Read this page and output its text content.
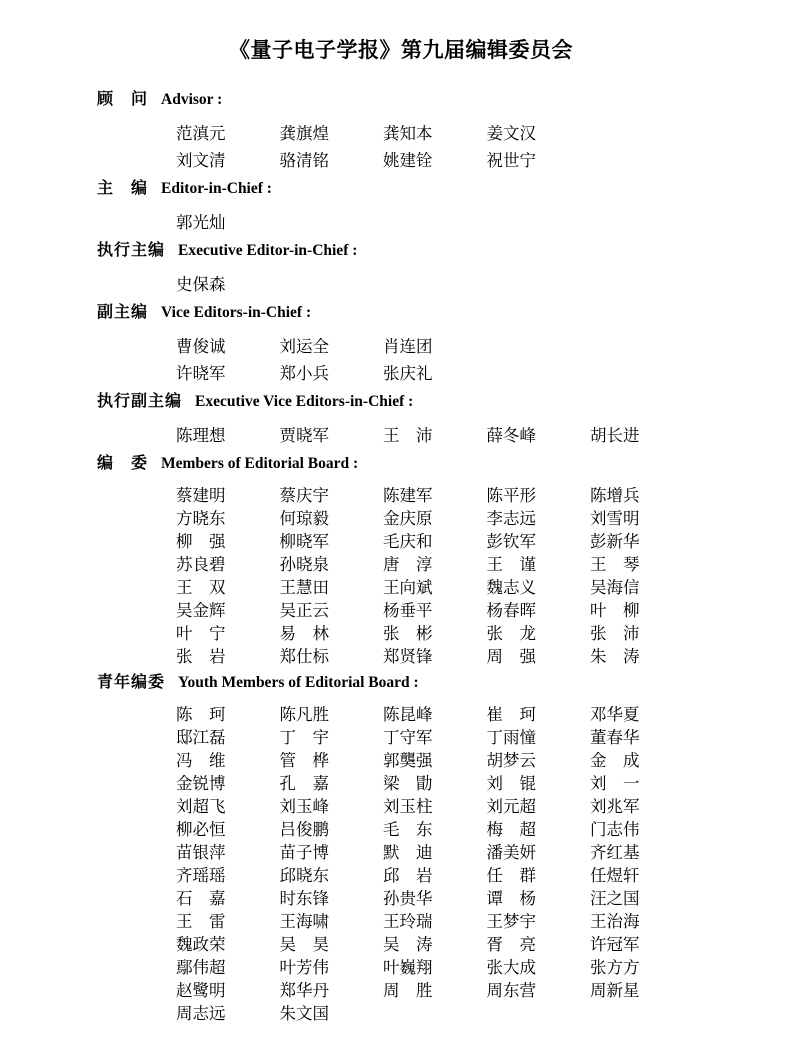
《量子电子学报》第九届编辑委员会
顾　问 Advisor :
范滇元	龚旗煌	龚知本	姜文汉
刘文清	骆清铭	姚建铨	祝世宁
主　编 Editor-in-Chief :
郭光灿
执行主编 Executive Editor-in-Chief :
史保森
副主编 Vice Editors-in-Chief :
曹俊诚	刘运全	肖连团
许晓军	郑小兵	张庆礼
执行副主编 Executive Vice Editors-in-Chief :
陈理想	贾晓军	王　沛	薛冬峰	胡长进
编　委 Members of Editorial Board :
蔡建明	蔡庆宇	陈建军	陈平形	陈增兵
方晓东	何琼毅	金庆原	李志远	刘雪明
柳　强	柳晓军	毛庆和	彭钦军	彭新华
苏良碧	孙晓泉	唐　淳	王　谨	王　琴
王　双	王慧田	王向斌	魏志义	吴海信
吴金辉	吴正云	杨垂平	杨春晖	叶　柳
叶　宁	易　林	张　彬	张　龙	张　沛
张　岩	郑仕标	郑贤锋	周　强	朱　涛
青年编委 Youth Members of Editorial Board :
陈　珂	陈凡胜	陈昆峰	崔　珂	邓华夏
邸江磊	丁　宇	丁守军	丁雨憧	董春华
冯　维	管　桦	郭龑强	胡梦云	金　成
金锐博	孔　嘉	梁　勖	刘　锟	刘　一
刘超飞	刘玉峰	刘玉柱	刘元超	刘兆军
柳必恒	吕俊鹏	毛　东	梅　超	门志伟
苗银萍	苗子博	默　迪	潘美妍	齐红基
齐瑶瑶	邱晓东	邱　岩	任　群	任煜轩
石　嘉	时东锋	孙贵华	谭　杨	汪之国
王　雷	王海啸	王玲瑞	王梦宇	王治海
魏政荣	吴　昊	吴　涛	胥　亮	许冠军
鄢伟超	叶芳伟	叶巍翔	张大成	张方方
赵鹭明	郑华丹	周　胜	周东营	周新星
周志远	朱文国
